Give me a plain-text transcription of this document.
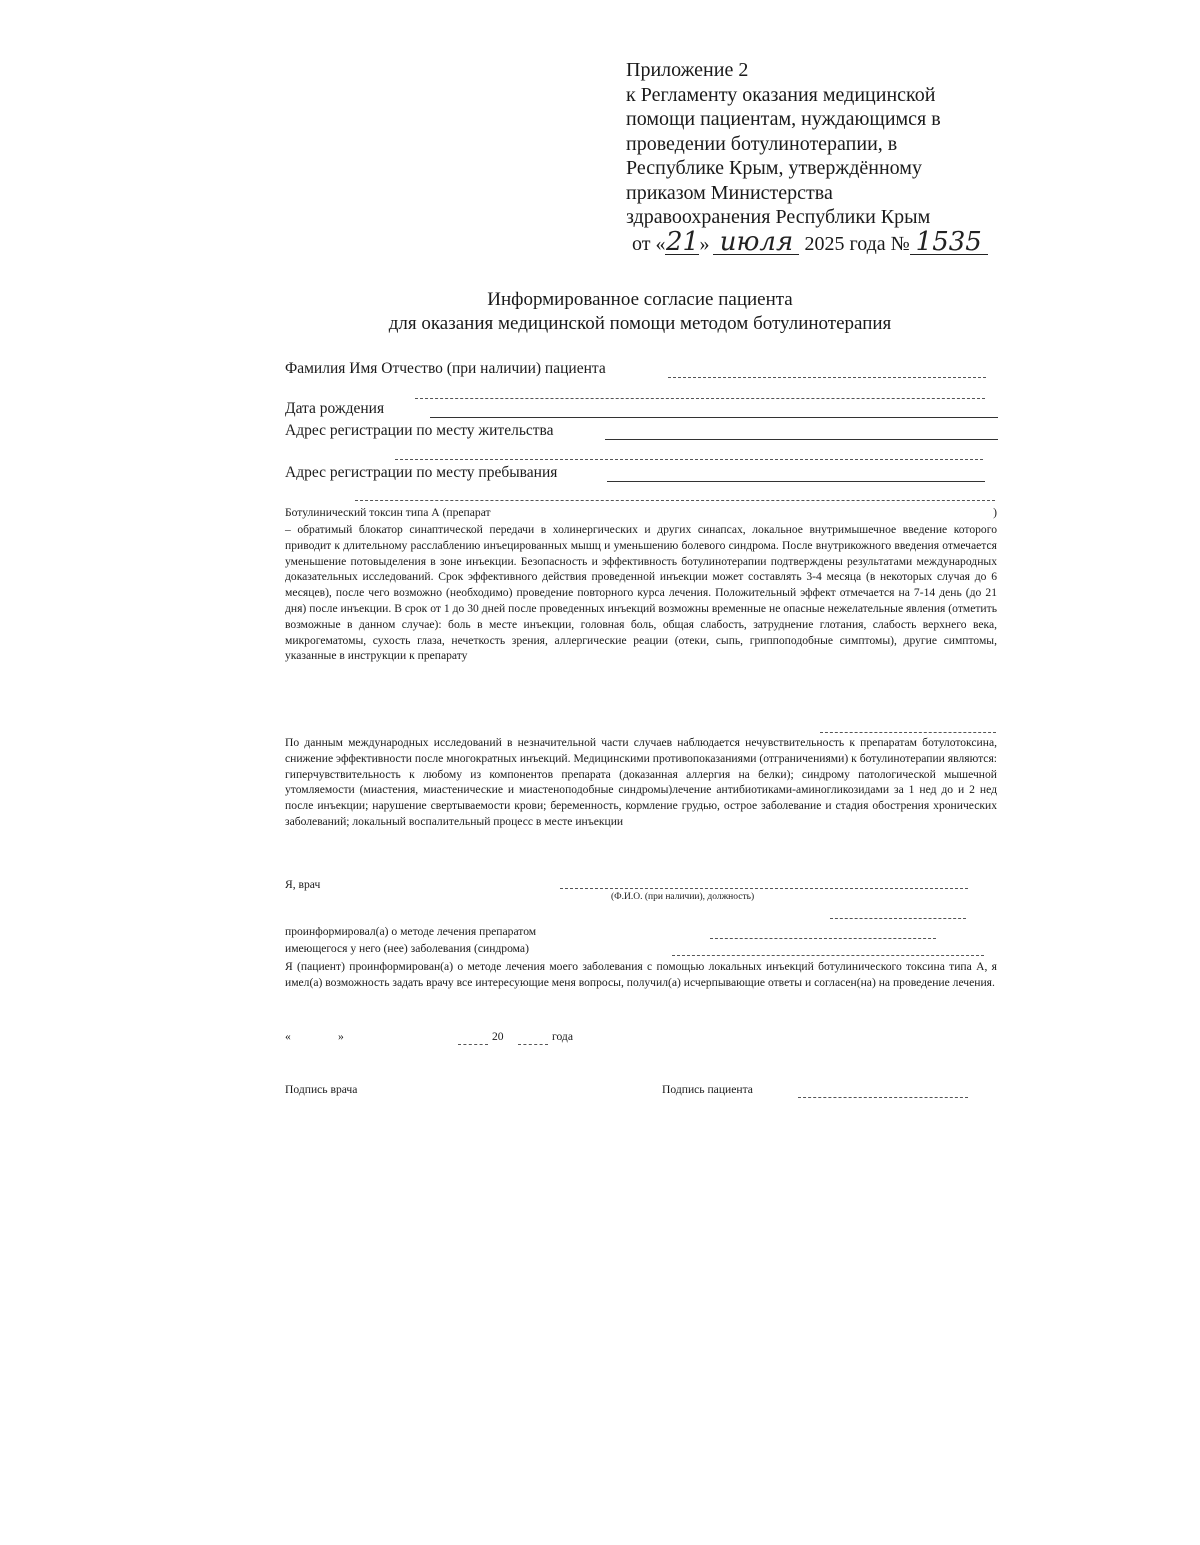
Приложение 2
к Регламенту оказания медицинской
помощи пациентам, нуждающимся в
проведении ботулинотерапии, в
Республике Крым, утверждённому
приказом Министерства
здравоохранения Республики Крым
от «21» июля 2025 года № 1535
Информированное согласие пациента
для оказания медицинской помощи методом ботулинотерапия
Фамилия Имя Отчество (при наличии) пациента
Дата рождения
Адрес регистрации по месту жительства
Адрес регистрации по месту пребывания
Ботулинический токсин типа А (препарат	)

– обратимый блокатор синаптической передачи в холинергических и других синапсах, локальное внутримышечное введение которого приводит к длительному расслаблению инъецированных мышц и уменьшению болевого синдрома. После внутрикожного введения отмечается уменьшение потовыделения в зоне инъекции. Безопасность и эффективность ботулинотерапии подтверждены результатами международных доказательных исследований. Срок эффективного действия проведенной инъекции может составлять 3-4 месяца (в некоторых случая до 6 месяцев), после чего возможно (необходимо) проведение повторного курса лечения. Положительный эффект отмечается на 7-14 день (до 21 дня) после инъекции. В срок от 1 до 30 дней после проведенных инъекций возможны временные не опасные нежелательные явления (отметить возможные в данном случае): боль в месте инъекции, головная боль, общая слабость, затруднение глотания, слабость верхнего века, микрогематомы, сухость глаза, нечеткость зрения, аллергические реации (отеки, сыпь, гриппоподобные симптомы), другие симптомы, указанные в инструкции к препарату

По данным международных исследований в незначительной части случаев наблюдается нечувствительность к препаратам ботулотоксина, снижение эффективности после многократных инъекций. Медицинскими противопоказаниями (отграничениями) к ботулинотерапии являются: гиперчувствительность к любому из компонентов препарата (доказанная аллергия на белки); синдрому патологической мышечной утомляемости (миастения, миастенические и миастеноподобные синдромы)лечение антибиотиками-аминогликозидами за 1 нед до и 2 нед после инъекции; нарушение свертываемости крови; беременность, кормление грудью, острое заболевание и стадия обострения хронических заболеваний; локальный воспалительный процесс в месте инъекции

Я, врач
(Ф.И.О. (при наличии), должность)
проинформировал(а) о методе лечения препаратом
имеющегося у него (нее) заболевания (синдрома)

Я (пациент) проинформирован(а) о методе лечения моего заболевания с помощью локальных инъекций ботулинического токсина типа А, я имел(а) возможность задать врачу все интересующие меня вопросы, получил(а) исчерпывающие ответы и согласен(на) на проведение лечения.

«	»	20	года
Подпись врача	Подпись пациента
